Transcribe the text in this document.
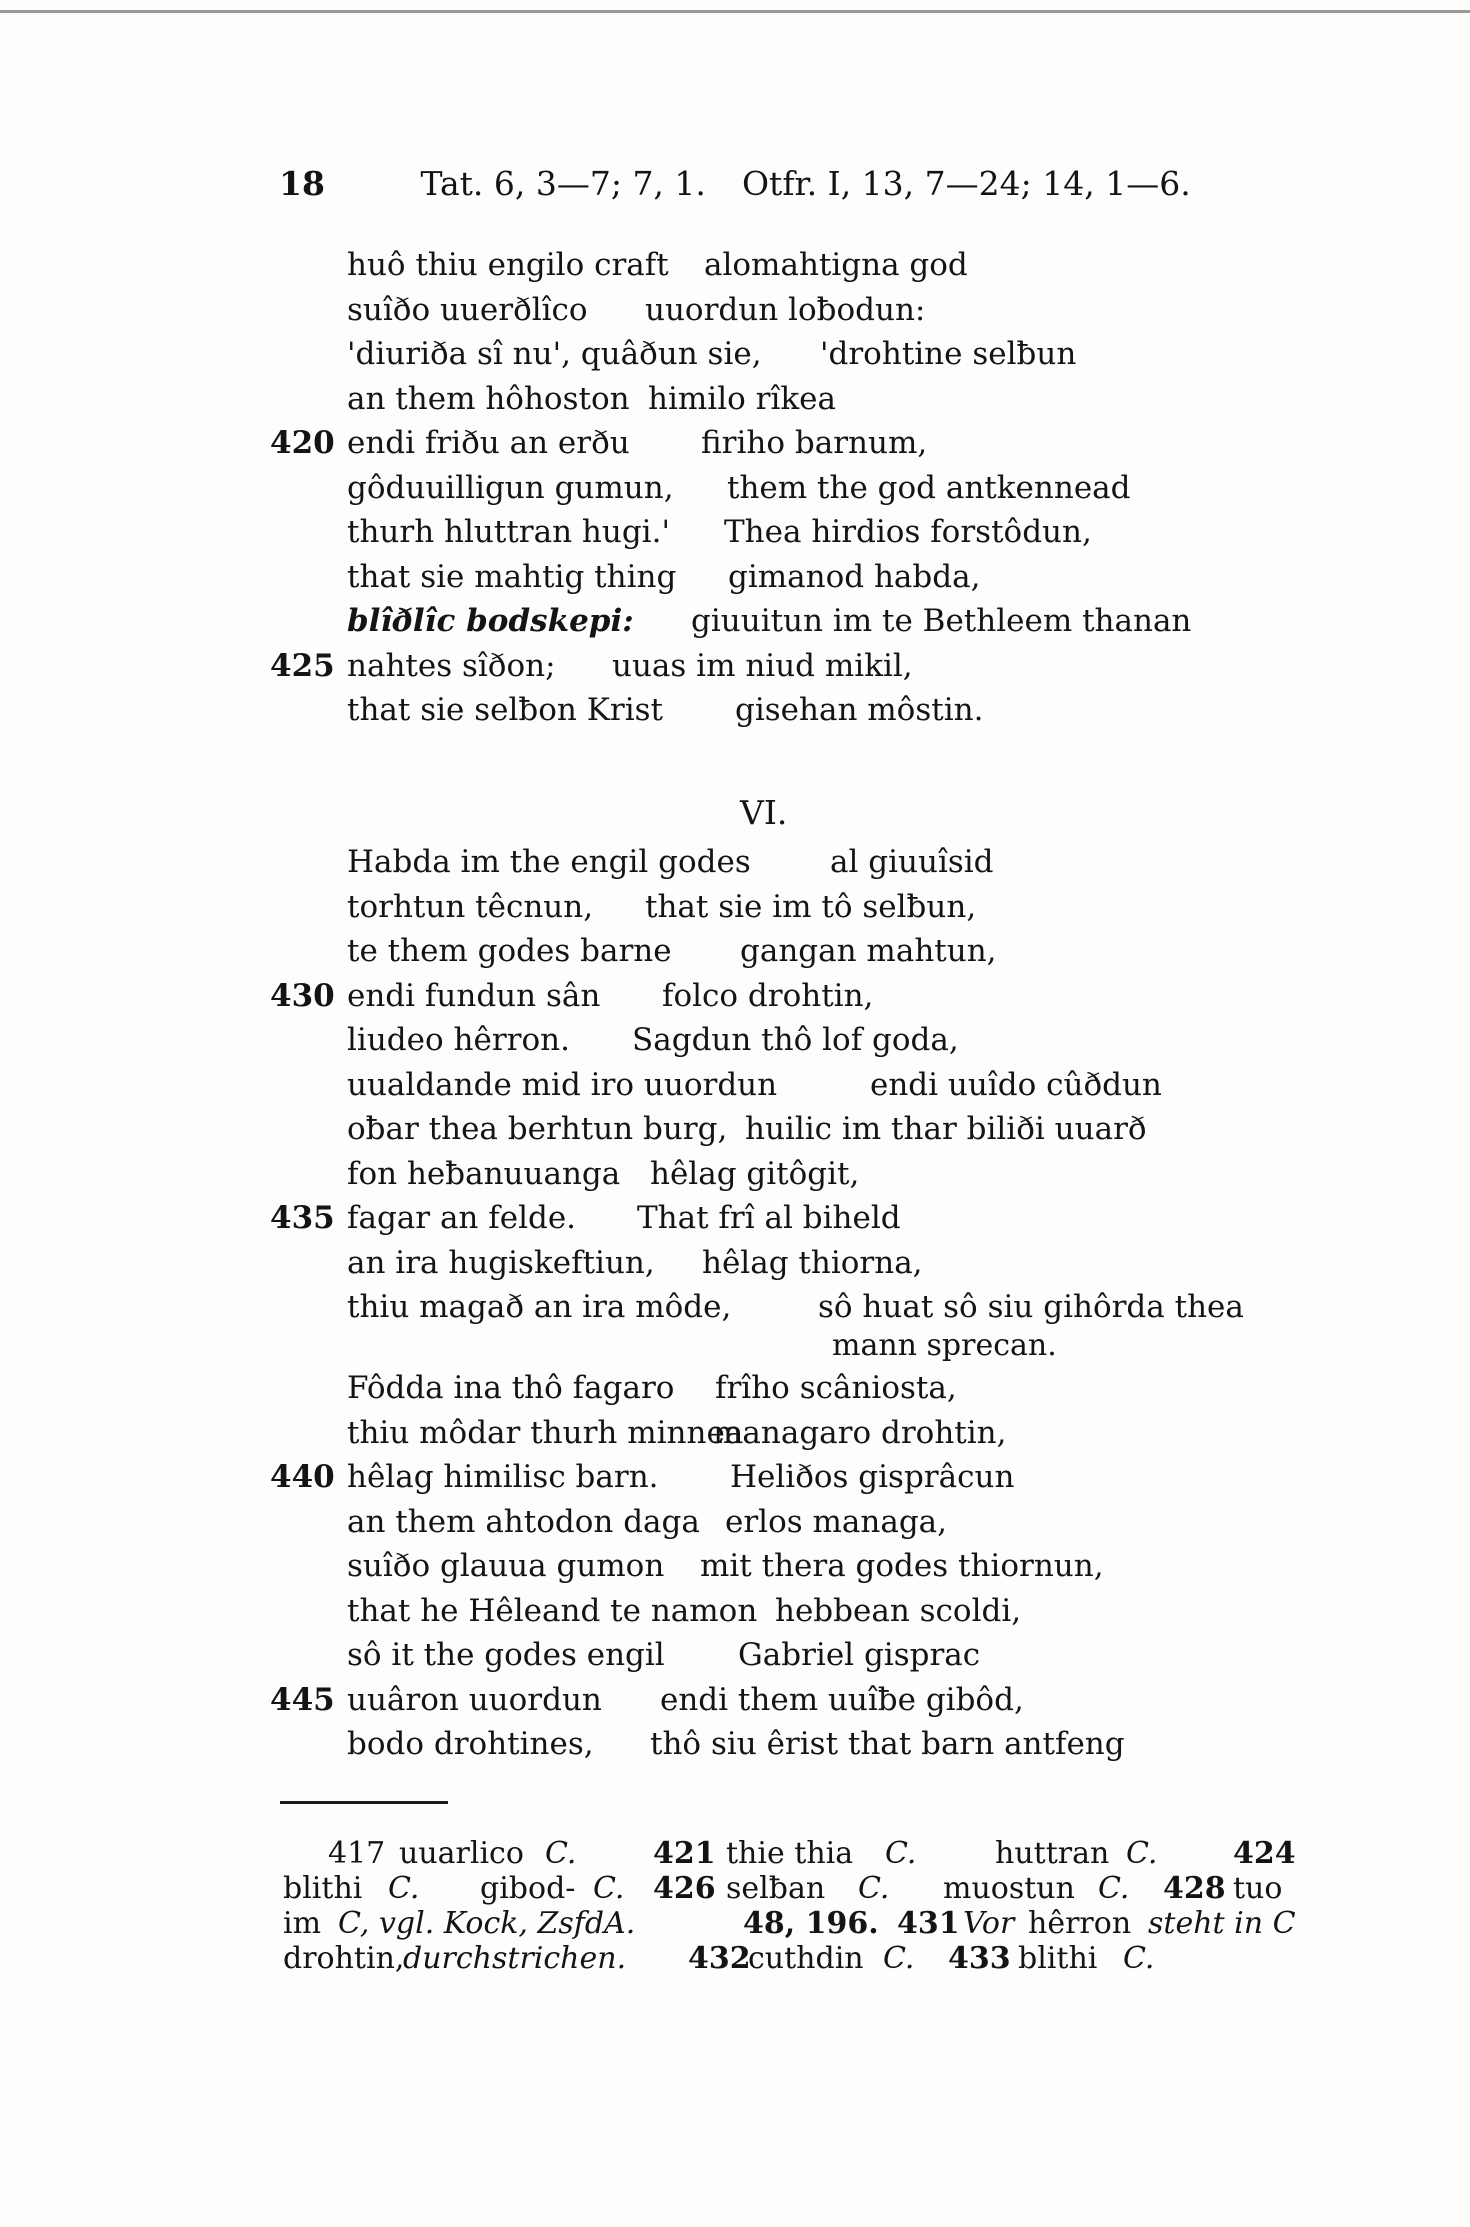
18	Tat. 6, 3—7; 7, 1. Otfr. I, 13, 7—24; 14, 1—6.
huô thiu engilo craft alomahtigna god
suîðo uuerðlîco uuordun loƀodun:
'diuriða sî nu', quâðun sie, 'drohtine selƀun
an them hôhoston himilo rîkea
420 endi friðu an erðu firiho barnum,
gôduuilligun gumun, them the god antkennead
thurh hluttran hugi.' Thea hirdios forstôdun,
that sie mahtig thing gimanod habda,
blîðlîc bodskepi: giuuitun im te Bethleem thanan
425 nahtes sîðon; uuas im niud mikil,
that sie selƀon Krist gisehan môstin.
VI.
Habda im the engil godes	al giuuîsid
torhtun têcnun, that sie im tô selƀun,
te them godes barne gangan mahtun,
430 endi fundun sân folco drohtin,
liudeo hêrron. Sagdun thô lof goda,
uualdande mid iro uuordun	endi uuîdo cûðdun
oƀar thea berhtun burg, huilic im thar biliði uuarð
fon heƀanuuanga hêlag gitôgit,
435 fagar an felde. That frî al biheld
an ira hugiskeftiun, hêlag thiorna,
thiu magað an ira môde,	sô huat sô siu gihôrda thea
mann sprecan.
Fôdda ina thô fagaro frîho scâniosta,
thiu môdar thurh minnea
managaro drohtin,
440 hêlag himilisc barn. Heliðos gisprâcun
an them ahtodon daga erlos managa,
suîðo glauua gumon mit thera godes thiornun,
that he Hêleand te namon hebbean scoldi,
sô it the godes engil Gabriel gisprac
445 uuâron uuordun endi them uuîƀe gibôd,
bodo drohtines, thô siu êrist that barn antfeng
417 uuarlico C.	421 thie thia C.	huttran C.	424
blithi C. gibod- C. 426 selƀan C. muostun C. 428 tuo
im C, vgl. Kock, ZsfdA.	48, 196. 431 Vor hêrron steht in C
drohtin,
durchstrichen. 432
cuthdin C. 433 blithi C.
